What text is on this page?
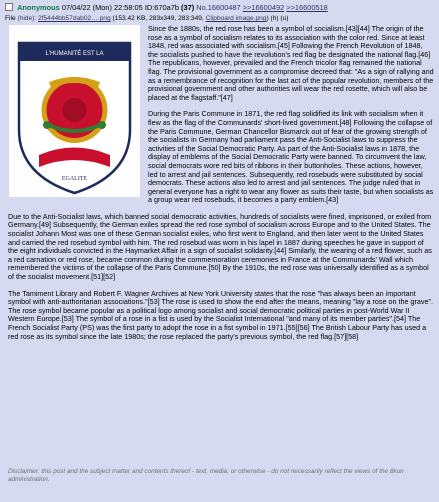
Anonymous 07/04/22 (Mon) 22:58:05 ID:670a7b (37) No.16600487 >>16600492 >>16600518
File (hide): 2f5444bb57dab02….png (153.42 KB, 283x349, 283:349, Clipboard image.png) (h) (u)
L'HUMANITÉ EST LA
EGALITE

Since the 1880s, the red rose has been a symbol of socialism.[43][44] The origin of the rose as a symbol of socialism relates to its association with the color red. Since at least 1848, red was associated with socialism.[45] Following the French Revolution of 1848, the socialists pushed to have the revolution's red flag be designated the national flag.[46] The republicans, however, prevailed and the French tricolor flag remained the national flag. The provisional government as a compromise decreed that: "As a sign of rallying and as a remembrance of recognition for the last act of the popular revolution, members of the provisional government and other authorities will wear the red rosette, which will also be placed at the flagstaff."[47]

During the Paris Commune in 1871, the red flag solidified its link with socialism when it flew as the flag of the Communards' short-lived government.[48] Following the collapse of the Paris Commune, German Chancellor Bismarck out of fear of the growing strength of the socialists in Germany had parliament pass the Anti-Socialist laws to suppress the activities of the Social Democratic Party. As part of the Anti-Socialist laws in 1878, the display of emblems of the Social Democratic Party were banned. To circumvent the law, social democrats wore red bits of ribbons in their buttonholes. These actions, however, led to arrest and jail sentences. Subsequently, red rosebuds were substituted by social democrats. These actions also led to arrest and jail sentences. The judge ruled that in general everyone has a right to wear any flower as suits their taste, but when socialists as a group wear red rosebuds, it becomes a party emblem.[43]

Due to the Anti-Socialist laws, which banned social democratic activities, hundreds of socialists were fined, imprisoned, or exiled from Germany.[49] Subsequently, the German exiles spread the red rose symbol of socialism across Europe and to the United States. The socialist Johann Most was one of these German socialist exiles, who first went to England, and then later went to the United States and carried the red rosebud symbol with him. The red rosebud was worn in his lapel in 1887 during speeches he gave in support of the eight individuals convicted in the Haymarket Affair in a sign of socialist solidarity.[44] Similarly, the wearing of a red flower, such as a red carnation or red rose, became common during the commemoration ceremonies in France at the Communards' Wall which remembered the victims of the collapse of the Paris Commune.[50] By the 1910s, the red rose was universally identified as a symbol of the socialist movement.[51][52]

The Tamiment Library and Robert F. Wagner Archives at New York University states that the rose "has always been an important symbol with anti-authoritarian associations."[53] The rose is used to show the end after the means, meaning "lay a rose on the grave". The rose symbol became popular as a political logo among socialist and social democratic political parties in post-World War II Western Europe.[53] The symbol of a rose in a fist is used by the Socialist International "and many of its member parties".[54] The French Socialist Party (PS) was the first party to adopt the rose in a fist symbol in 1971.[55][56] The British Labour Party has used a red rose as its symbol since the late 1980s; the rose replaced the party's previous symbol, the red flag.[57][58]

Disclaimer: this post and the subject matter and contents thereof - text, media, or otherwise - do not necessarily reflect the views of the 8kun administration.
